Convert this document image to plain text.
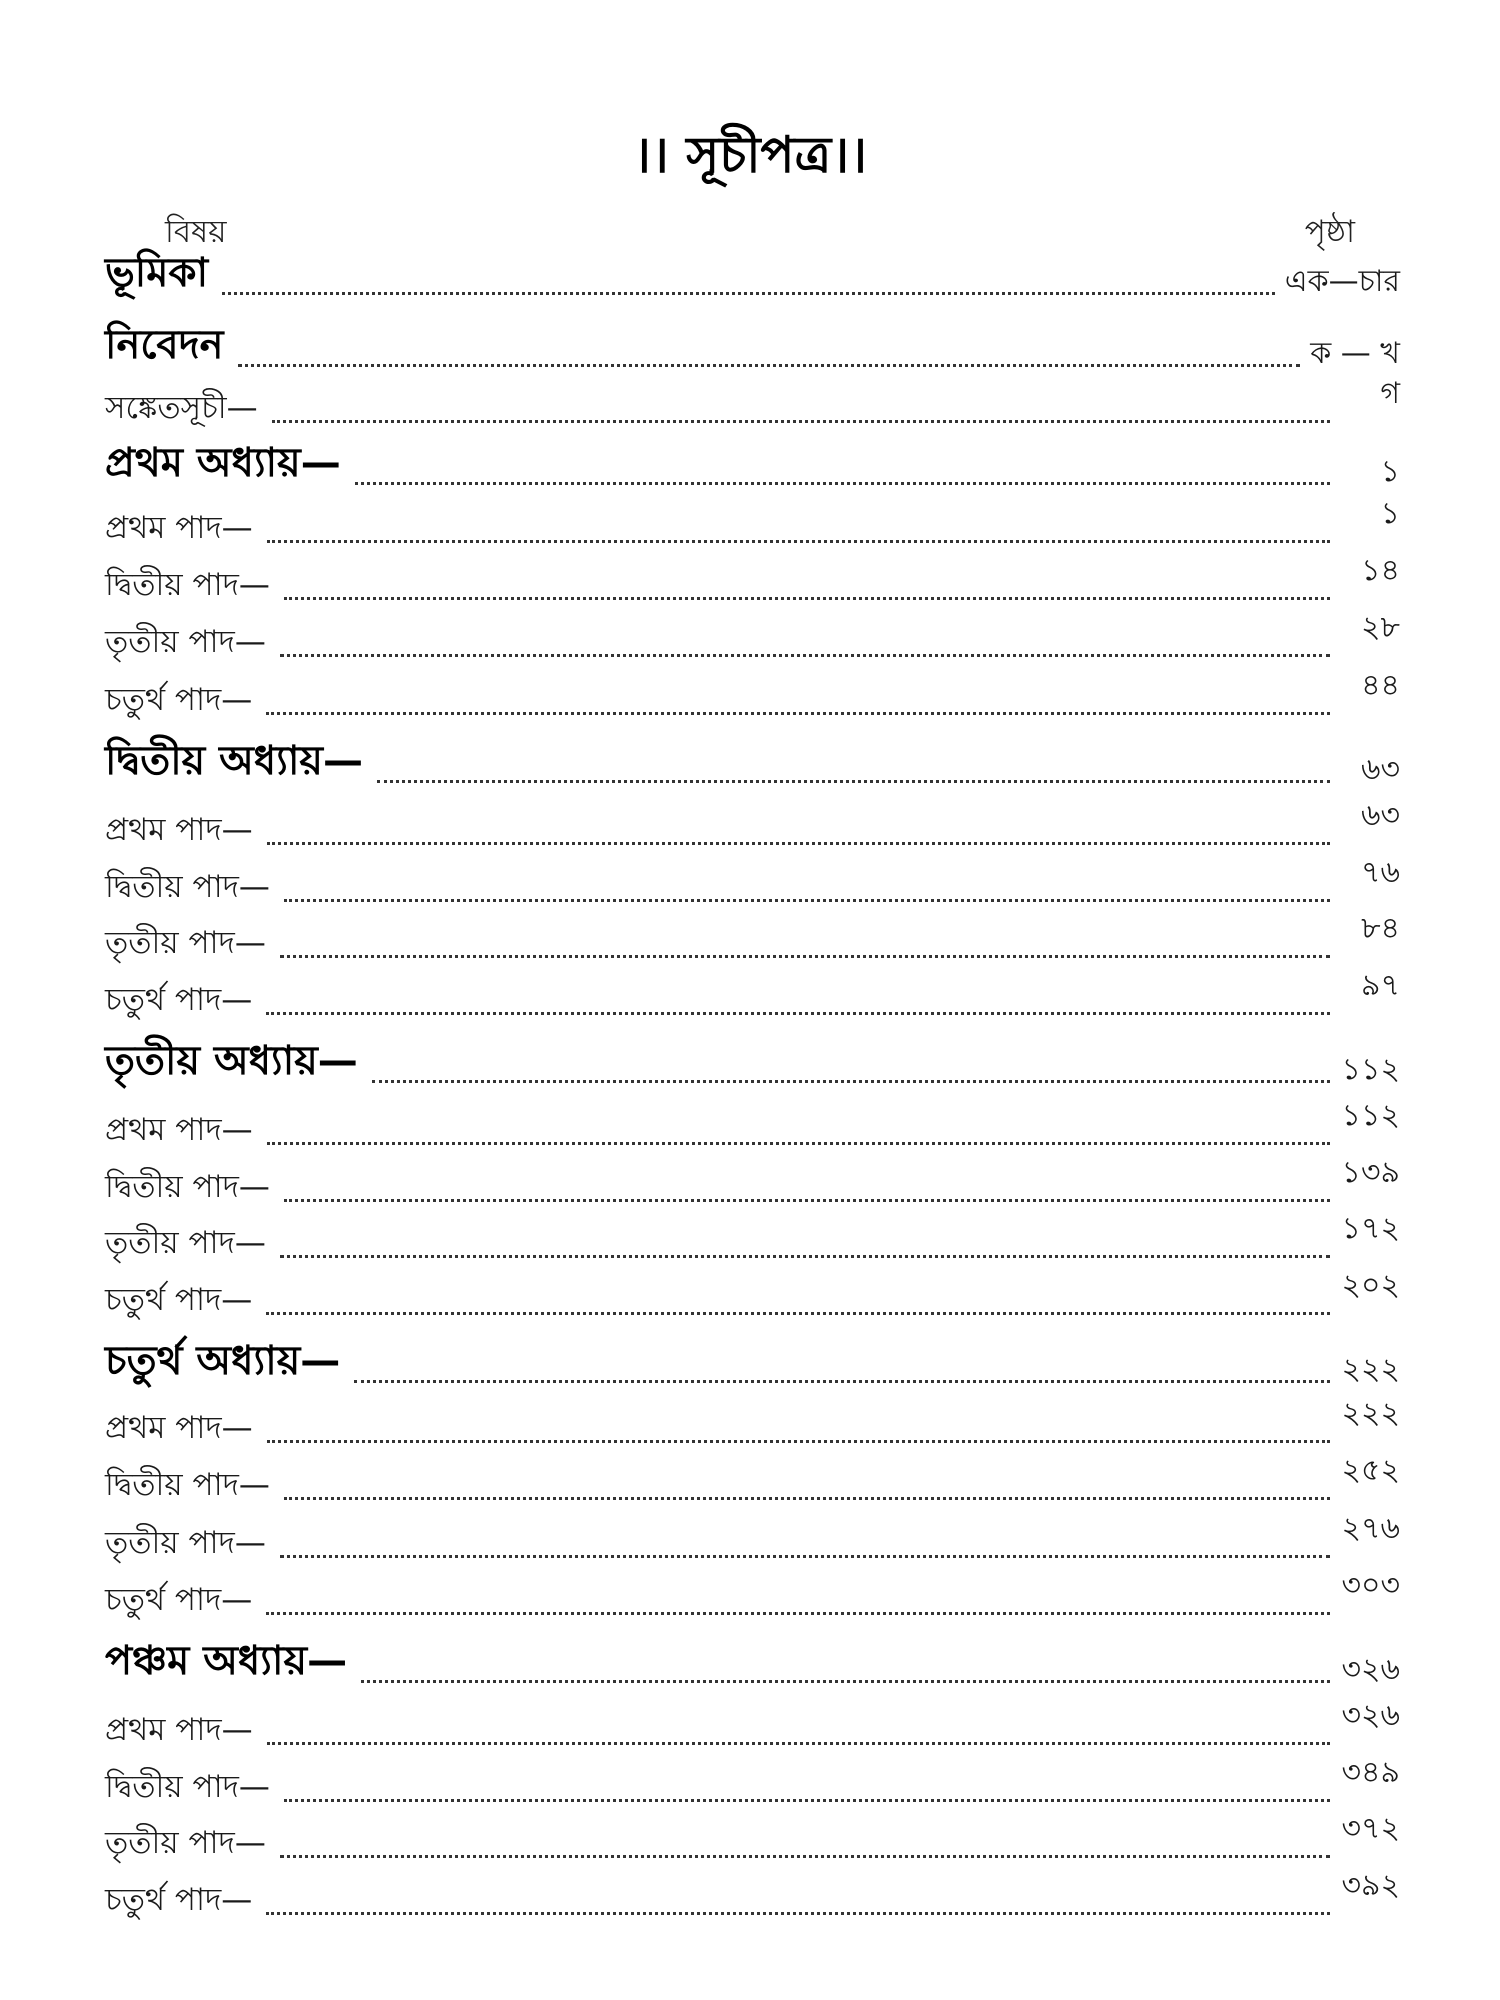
।। সূচীপত্র।।
বিষয়	পৃষ্ঠা
ভূমিকা	এক—চার
নিবেদন	ক — খ
সঙ্কেতসূচী—	গ
প্রথম অধ্যায়—	১
প্রথম পাদ—	১
দ্বিতীয় পাদ—	১৪
তৃতীয় পাদ—	২৮
চতুর্থ পাদ—	৪৪
দ্বিতীয় অধ্যায়—	৬৩
প্রথম পাদ—	৬৩
দ্বিতীয় পাদ—	৭৬
তৃতীয় পাদ—	৮৪
চতুর্থ পাদ—	৯৭
তৃতীয় অধ্যায়—	১১২
প্রথম পাদ—	১১২
দ্বিতীয় পাদ—	১৩৯
তৃতীয় পাদ—	১৭২
চতুর্থ পাদ—	২০২
চতুর্থ অধ্যায়—	২২২
প্রথম পাদ—	২২২
দ্বিতীয় পাদ—	২৫২
তৃতীয় পাদ—	২৭৬
চতুর্থ পাদ—	৩০৩
পঞ্চম অধ্যায়—	৩২৬
প্রথম পাদ—	৩২৬
দ্বিতীয় পাদ—	৩৪৯
তৃতীয় পাদ—	৩৭২
চতুর্থ পাদ—	৩৯২
